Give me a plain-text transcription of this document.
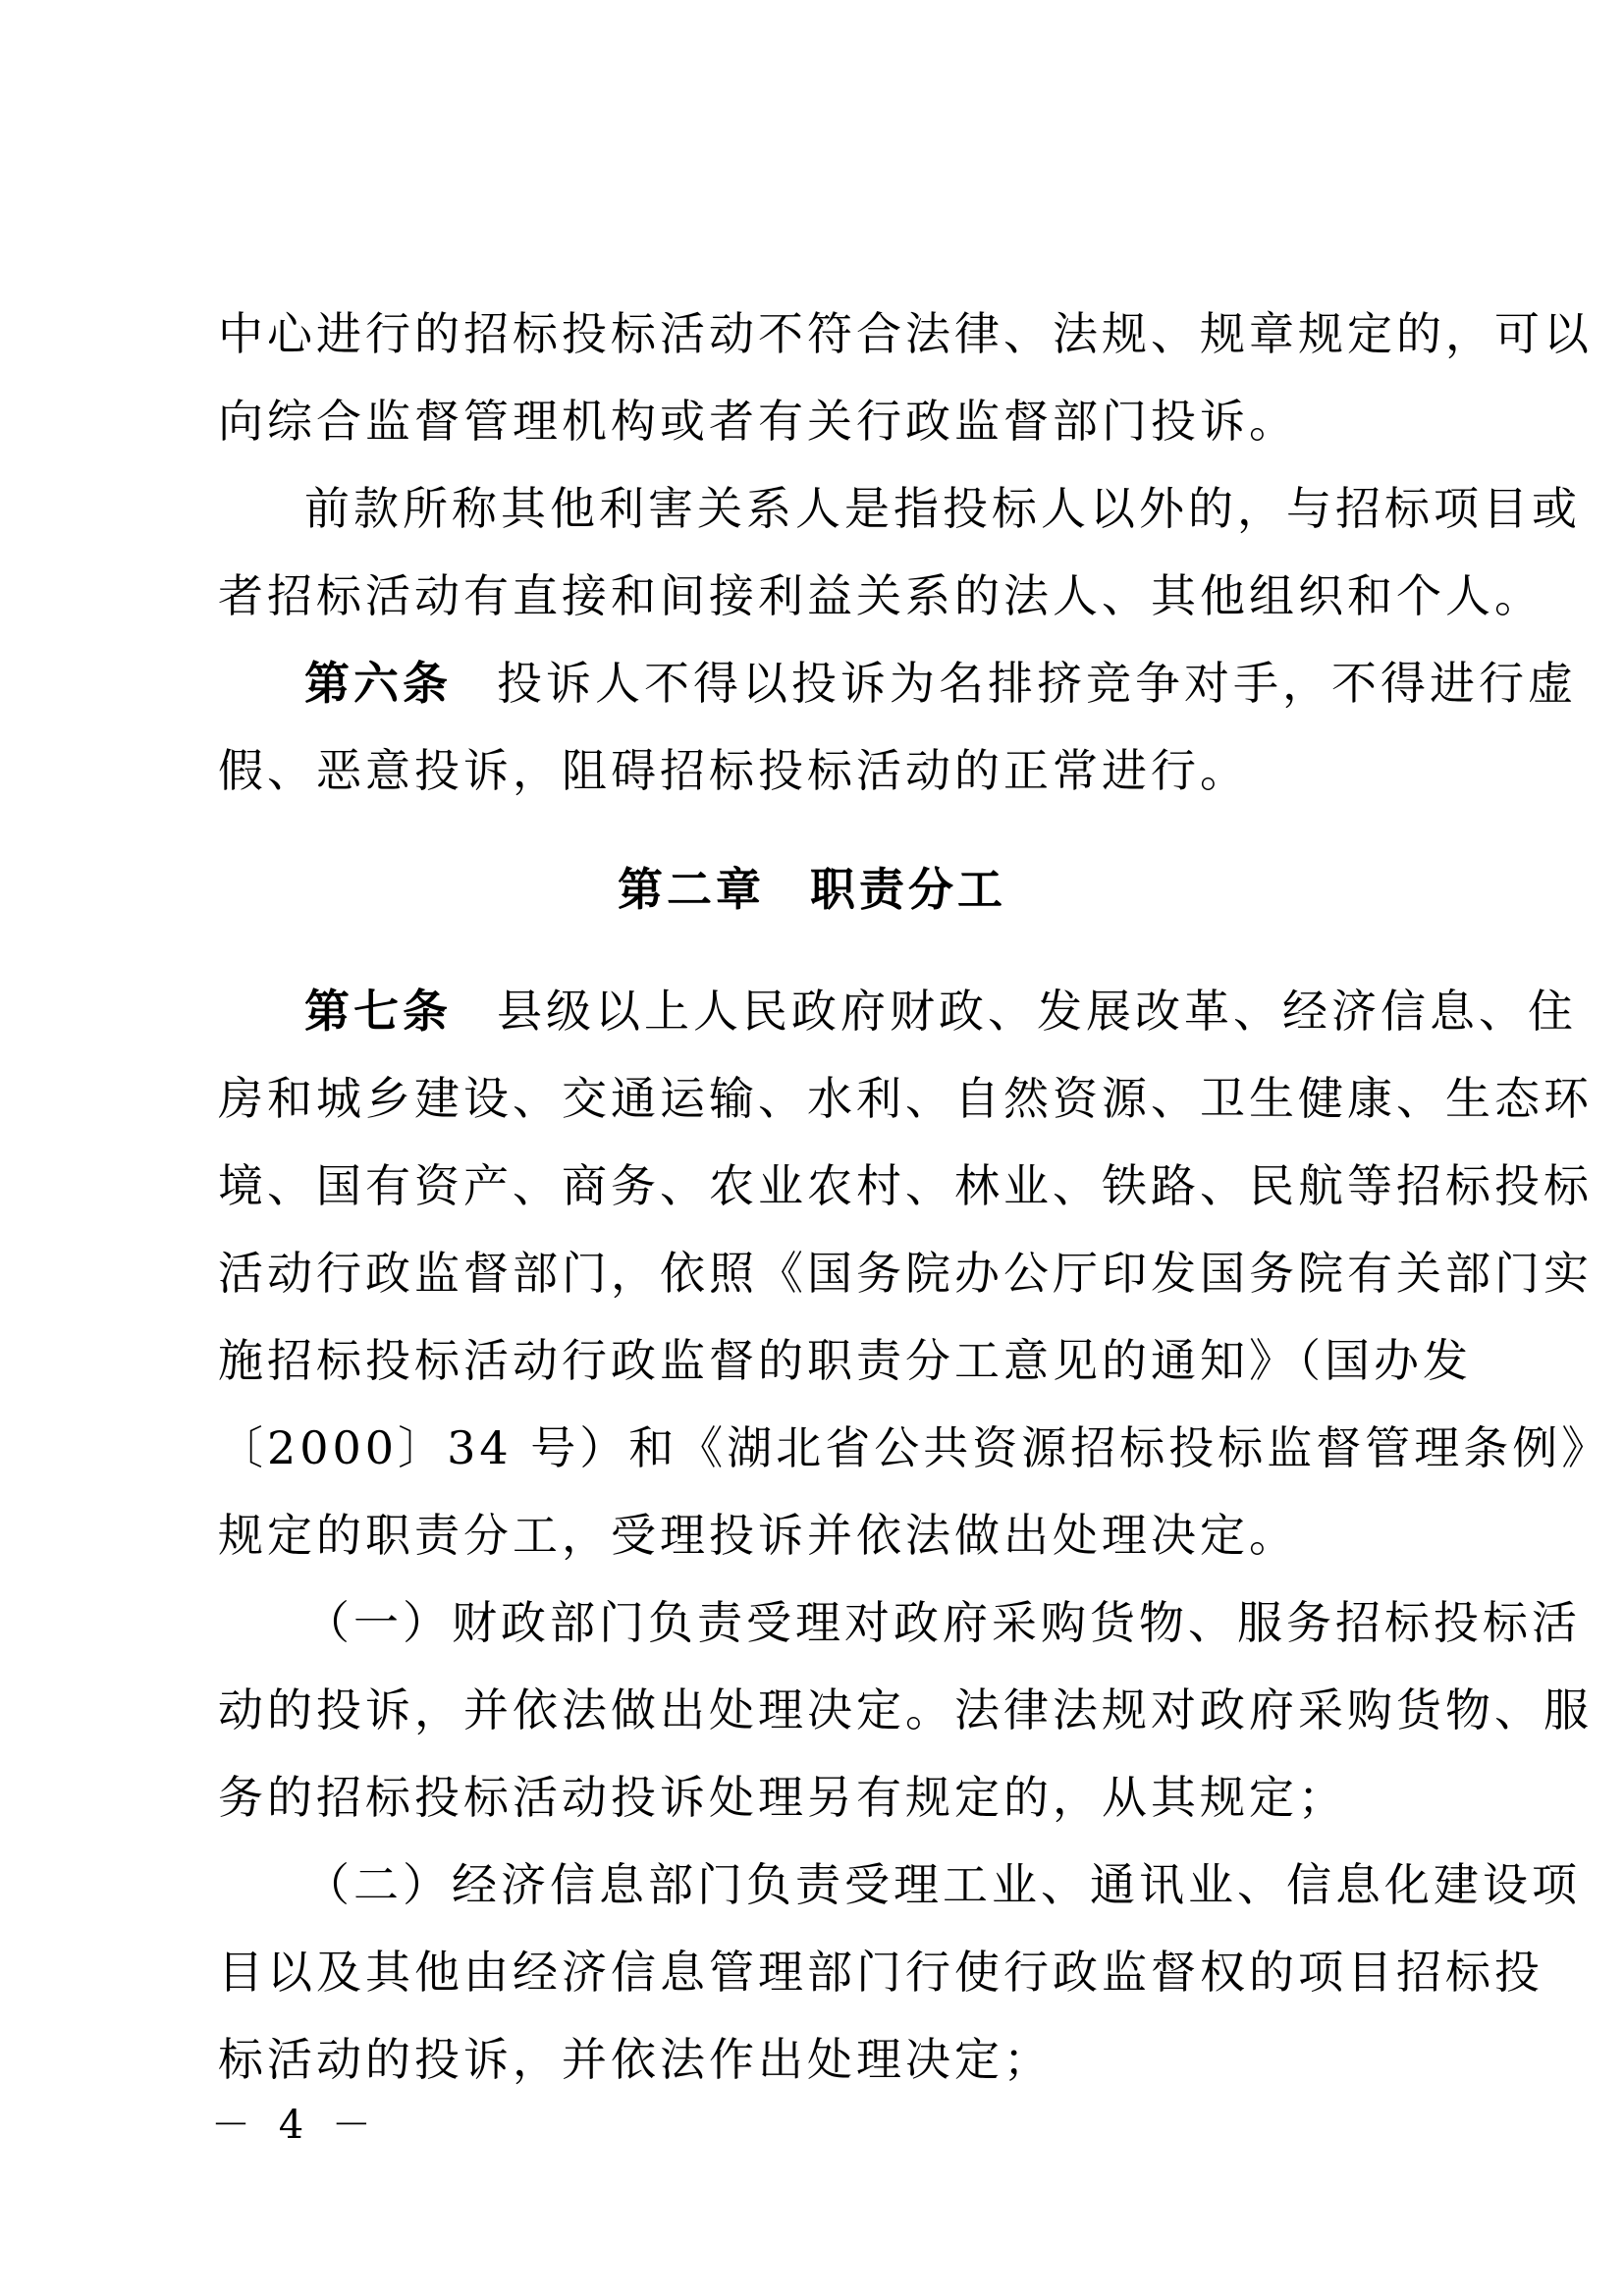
中心进行的招标投标活动不符合法律、法规、规章规定的，可以
向综合监督管理机构或者有关行政监督部门投诉。
前款所称其他利害关系人是指投标人以外的，与招标项目或
者招标活动有直接和间接利益关系的法人、其他组织和个人。
第六条 投诉人不得以投诉为名排挤竞争对手，不得进行虚
假、恶意投诉，阻碍招标投标活动的正常进行。
第二章 职责分工
第七条 县级以上人民政府财政、发展改革、经济信息、住
房和城乡建设、交通运输、水利、自然资源、卫生健康、生态环
境、国有资产、商务、农业农村、林业、铁路、民航等招标投标
活动行政监督部门，依照《国务院办公厅印发国务院有关部门实
施招标投标活动行政监督的职责分工意见的通知》（国办发
〔2000〕34 号）和《湖北省公共资源招标投标监督管理条例》
规定的职责分工，受理投诉并依法做出处理决定。
（一）财政部门负责受理对政府采购货物、服务招标投标活
动的投诉，并依法做出处理决定。法律法规对政府采购货物、服
务的招标投标活动投诉处理另有规定的，从其规定；
（二）经济信息部门负责受理工业、通讯业、信息化建设项
目以及其他由经济信息管理部门行使行政监督权的项目招标投
标活动的投诉，并依法作出处理决定；
－ 4 －
